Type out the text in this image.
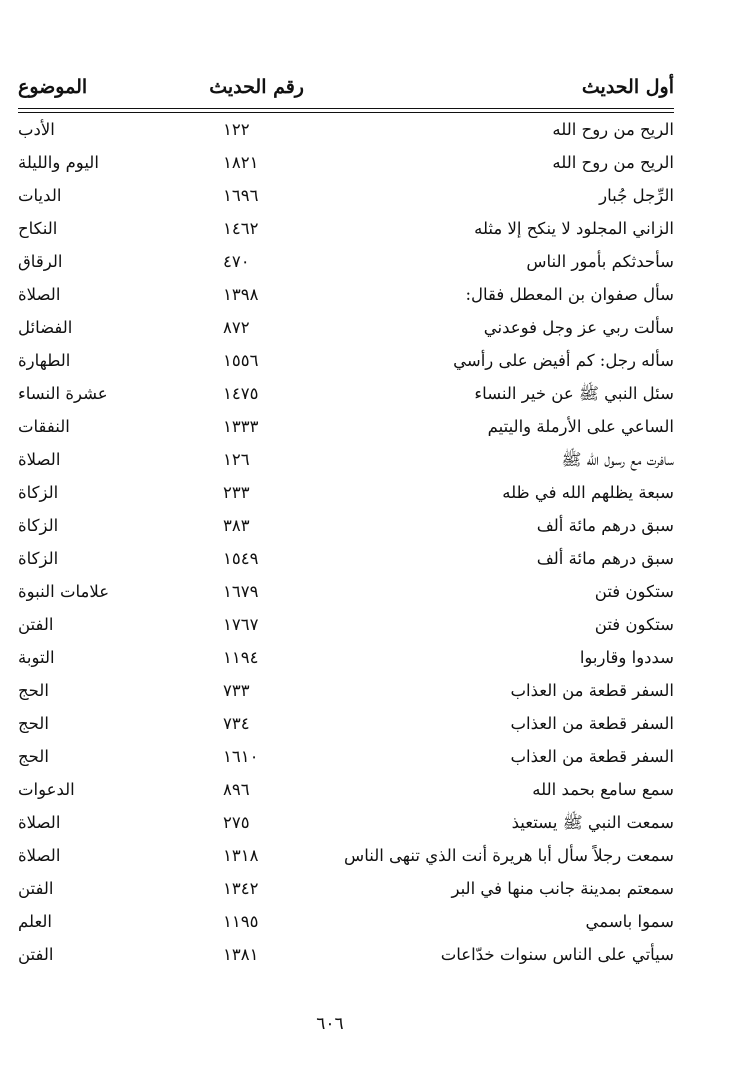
أول الحديث
رقم الحديث
الموضوع
الريح من روح الله
١٢٢
الأدب
الريح من روح الله
١٨٢١
اليوم والليلة
الرِّجل جُبار
١٦٩٦
الديات
الزاني المجلود لا ينكح إلا مثله
١٤٦٢
النكاح
سأحدثكم بأمور الناس
٤٧٠
الرقاق
سأل صفوان بن المعطل فقال:
١٣٩٨
الصلاة
سألت ربي عز وجل فوعدني
٨٧٢
الفضائل
سأله رجل: كم أفيض على رأسي
١٥٥٦
الطهارة
سئل النبي ﷺ عن خير النساء
١٤٧٥
عشرة النساء
الساعي على الأرملة واليتيم
١٣٣٣
النفقات
سافرت مع رسول الله ﷺ
١٢٦
الصلاة
سبعة يظلهم الله في ظله
٢٣٣
الزكاة
سبق درهم مائة ألف
٣٨٣
الزكاة
سبق درهم مائة ألف
١٥٤٩
الزكاة
ستكون فتن
١٦٧٩
علامات النبوة
ستكون فتن
١٧٦٧
الفتن
سددوا وقاربوا
١١٩٤
التوبة
السفر قطعة من العذاب
٧٣٣
الحج
السفر قطعة من العذاب
٧٣٤
الحج
السفر قطعة من العذاب
١٦١٠
الحج
سمع سامع بحمد الله
٨٩٦
الدعوات
سمعت النبي ﷺ يستعيذ
٢٧٥
الصلاة
سمعت رجلاً سأل أبا هريرة أنت الذي تنهى الناس
١٣١٨
الصلاة
سمعتم بمدينة جانب منها في البر
١٣٤٢
الفتن
سموا باسمي
١١٩٥
العلم
سيأتي على الناس سنوات خدّاعات
١٣٨١
الفتن
٦٠٦
